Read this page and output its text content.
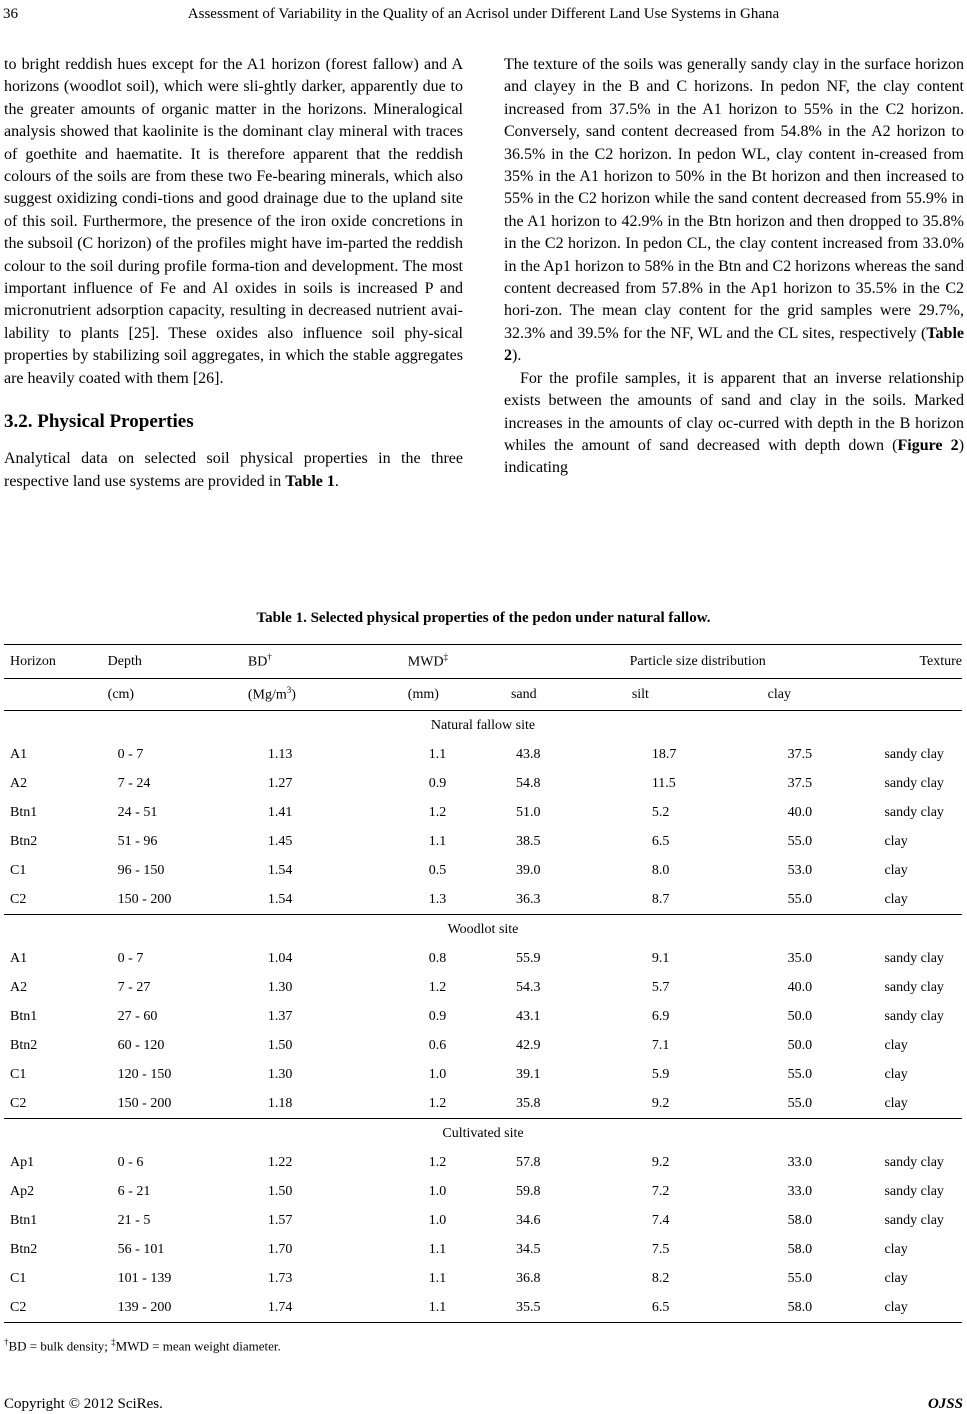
36	Assessment of Variability in the Quality of an Acrisol under Different Land Use Systems in Ghana

to bright reddish hues except for the A1 horizon (forest fallow) and A horizons (woodlot soil), which were sli-ghtly darker, apparently due to the greater amounts of organic matter in the horizons. Mineralogical analysis showed that kaolinite is the dominant clay mineral with traces of goethite and haematite. It is therefore apparent that the reddish colours of the soils are from these two Fe-bearing minerals, which also suggest oxidizing condi-tions and good drainage due to the upland site of this soil. Furthermore, the presence of the iron oxide concretions in the subsoil (C horizon) of the profiles might have im-parted the reddish colour to the soil during profile forma-tion and development. The most important influence of Fe and Al oxides in soils is increased P and micronutrient adsorption capacity, resulting in decreased nutrient avai-lability to plants [25]. These oxides also influence soil phy-sical properties by stabilizing soil aggregates, in which the stable aggregates are heavily coated with them [26].

3.2. Physical Properties

Analytical data on selected soil physical properties in the three respective land use systems are provided in Table 1.

The texture of the soils was generally sandy clay in the surface horizon and clayey in the B and C horizons. In pedon NF, the clay content increased from 37.5% in the A1 horizon to 55% in the C2 horizon. Conversely, sand content decreased from 54.8% in the A2 horizon to 36.5% in the C2 horizon. In pedon WL, clay content in-creased from 35% in the A1 horizon to 50% in the Bt horizon and then increased to 55% in the C2 horizon while the sand content decreased from 55.9% in the A1 horizon to 42.9% in the Btn horizon and then dropped to 35.8% in the C2 horizon. In pedon CL, the clay content increased from 33.0% in the Ap1 horizon to 58% in the Btn and C2 horizons whereas the sand content decreased from 57.8% in the Ap1 horizon to 35.5% in the C2 hori-zon. The mean clay content for the grid samples were 29.7%, 32.3% and 39.5% for the NF, WL and the CL sites, respectively (Table 2).

For the profile samples, it is apparent that an inverse relationship exists between the amounts of sand and clay in the soils. Marked increases in the amounts of clay oc-curred with depth in the B horizon whiles the amount of sand decreased with depth down (Figure 2) indicating

Table 1. Selected physical properties of the pedon under natural fallow.
Horizon	Depth	BD†	MWD‡	Particle size distribution			Texture
	(cm)	$(Mg/m^3)$	(mm)	sand	silt	clay	
Natural fallow site							
A1	0 - 7	1.13	1.1	43.8	18.7	37.5	sandy clay
A2	7 - 24	1.27	0.9	54.8	11.5	37.5	sandy clay
Btn1	24 - 51	1.41	1.2	51.0	5.2	40.0	sandy clay
Btn2	51 - 96	1.45	1.1	38.5	6.5	55.0	clay
C1	96 - 150	1.54	0.5	39.0	8.0	53.0	clay
C2	150 - 200	1.54	1.3	36.3	8.7	55.0	clay
Woodlot site							
A1	0 - 7	1.04	0.8	55.9	9.1	35.0	sandy clay
A2	7 - 27	1.30	1.2	54.3	5.7	40.0	sandy clay
Btn1	27 - 60	1.37	0.9	43.1	6.9	50.0	sandy clay
Btn2	60 - 120	1.50	0.6	42.9	7.1	50.0	clay
C1	120 - 150	1.30	1.0	39.1	5.9	55.0	clay
C2	150 - 200	1.18	1.2	35.8	9.2	55.0	clay
Cultivated site							
Ap1	0 - 6	1.22	1.2	57.8	9.2	33.0	sandy clay
Ap2	6 - 21	1.50	1.0	59.8	7.2	33.0	sandy clay
Btn1	21 - 5	1.57	1.0	34.6	7.4	58.0	sandy clay
Btn2	56 - 101	1.70	1.1	34.5	7.5	58.0	clay
C1	101 - 139	1.73	1.1	36.8	8.2	55.0	clay
C2	139 - 200	1.74	1.1	35.5	6.5	58.0	clay
†BD = bulk density; ‡MWD = mean weight diameter.
Copyright © 2012 SciRes.	OJSS
